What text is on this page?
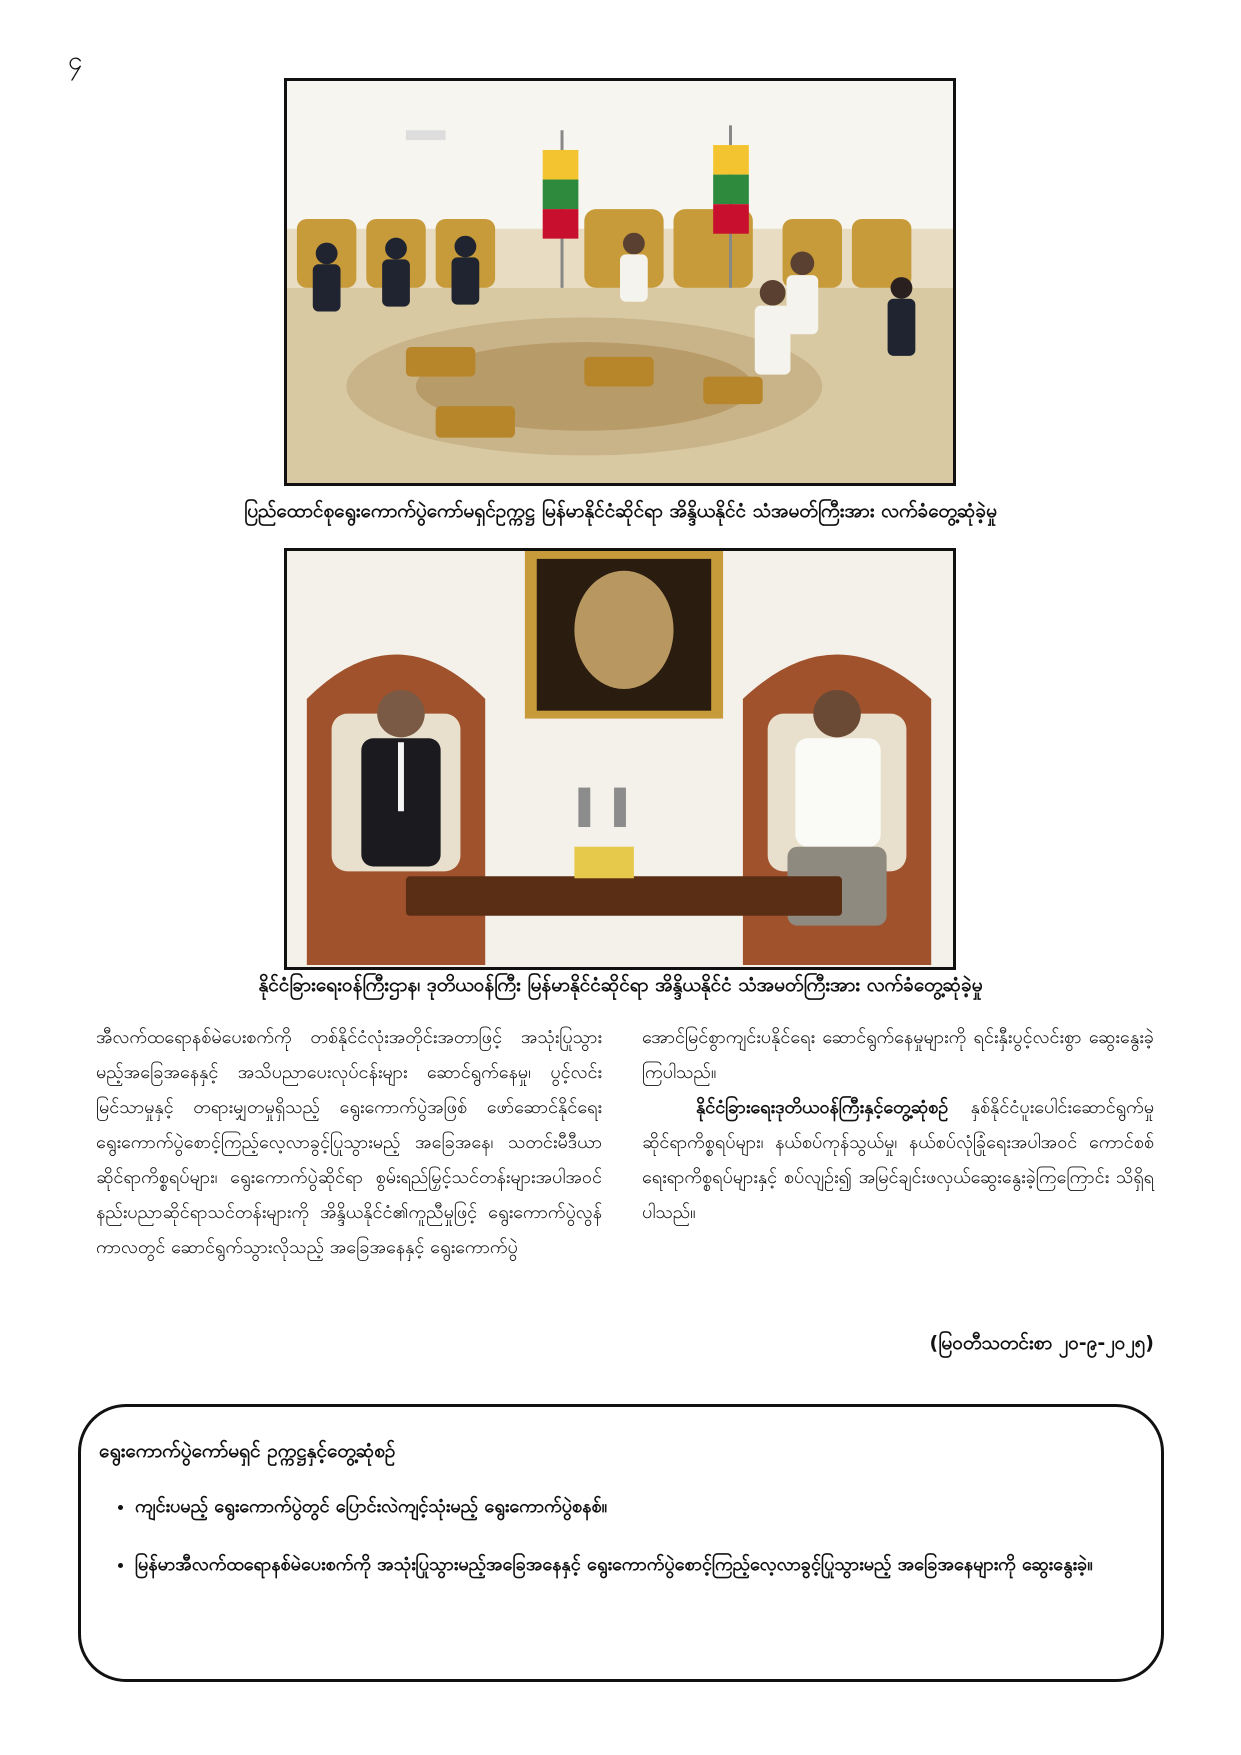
၄
ပြည်ထောင်စုရွေးကောက်ပွဲကော်မရှင်ဥက္ကဋ္ဌ မြန်မာနိုင်ငံဆိုင်ရာ အိန္ဒိယနိုင်ငံ သံအမတ်ကြီးအား လက်ခံတွေ့ဆုံခဲ့မှု
နိုင်ငံခြားရေးဝန်ကြီးဌာန၊ ဒုတိယဝန်ကြီး မြန်မာနိုင်ငံဆိုင်ရာ အိန္ဒိယနိုင်ငံ သံအမတ်ကြီးအား လက်ခံတွေ့ဆုံခဲ့မှု

အီလက်ထရောနစ်မဲပေးစက်ကို တစ်နိုင်ငံလုံးအတိုင်းအတာဖြင့် အသုံးပြုသွားမည့်အခြေအနေနှင့် အသိပညာပေးလုပ်ငန်းများ ဆောင်ရွက်နေမှု၊ ပွင့်လင်းမြင်သာမှုနှင့် တရားမျှတမှုရှိသည့် ရွေးကောက်ပွဲအဖြစ် ဖော်ဆောင်နိုင်ရေး ရွေးကောက်ပွဲစောင့်ကြည့်လေ့လာခွင့်ပြုသွားမည့် အခြေအနေ၊ သတင်းမီဒီယာဆိုင်ရာကိစ္စရပ်များ၊ ရွေးကောက်ပွဲဆိုင်ရာ စွမ်းရည်မြှင့်သင်တန်းများအပါအဝင် နည်းပညာဆိုင်ရာသင်တန်းများကို အိန္ဒိယနိုင်ငံ၏ကူညီမှုဖြင့် ရွေးကောက်ပွဲလွန်ကာလတွင် ဆောင်ရွက်သွားလိုသည့် အခြေအနေနှင့် ရွေးကောက်ပွဲ

အောင်မြင်စွာကျင်းပနိုင်ရေး ဆောင်ရွက်နေမှုများကို ရင်းနှီးပွင့်လင်းစွာ ဆွေးနွေးခဲ့ကြပါသည်။

နိုင်ငံခြားရေးဒုတိယဝန်ကြီးနှင့်တွေ့ဆုံစဉ် နှစ်နိုင်ငံပူးပေါင်းဆောင်ရွက်မှုဆိုင်ရာကိစ္စရပ်များ၊ နယ်စပ်ကုန်သွယ်မှု၊ နယ်စပ်လုံခြုံရေးအပါအဝင် ကောင်စစ်ရေးရာကိစ္စရပ်များနှင့် စပ်လျဉ်း၍ အမြင်ချင်းဖလှယ်ဆွေးနွေးခဲ့ကြကြောင်း သိရှိရပါသည်။

(မြဝတီသတင်းစာ ၂၀-၉-၂၀၂၅)
ရွေးကောက်ပွဲကော်မရှင် ဥက္ကဋ္ဌနှင့်တွေ့ဆုံစဉ်
• ကျင်းပမည့် ရွေးကောက်ပွဲတွင် ပြောင်းလဲကျင့်သုံးမည့် ရွေးကောက်ပွဲစနစ်။
• မြန်မာအီလက်ထရောနစ်မဲပေးစက်ကို အသုံးပြုသွားမည့်အခြေအနေနှင့် ရွေးကောက်ပွဲစောင့်ကြည့်လေ့လာခွင့်ပြုသွားမည့် အခြေအနေများကို ဆွေးနွေးခဲ့။
